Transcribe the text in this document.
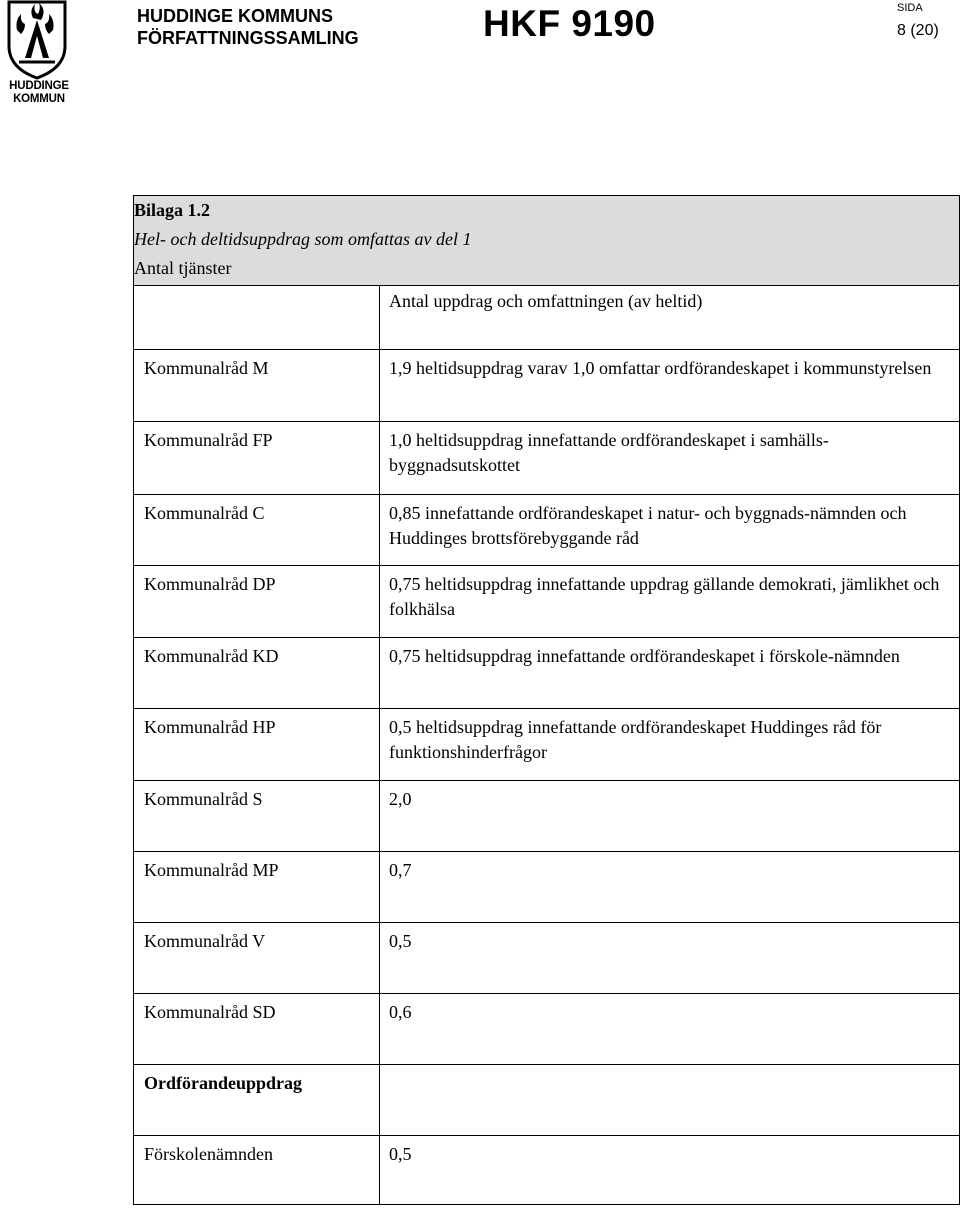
HUDDINGE KOMMUN
HUDDINGE KOMMUNS
FÖRFATTNINGSSAMLING	HKF 9190	SIDA
8 (20)
Bilaga 1.2
Hel- och deltidsuppdrag som omfattas av del 1
Antal tjänster	

	Antal uppdrag och omfattningen (av heltid)
Kommunalråd M	1,9 heltidsuppdrag varav 1,0 omfattar ordförandeskapet i kommunstyrelsen
Kommunalråd FP	1,0 heltidsuppdrag innefattande ordförandeskapet i samhälls-byggnadsutskottet
Kommunalråd C	0,85 innefattande ordförandeskapet i natur- och byggnads-nämnden och Huddinges brottsförebyggande råd
Kommunalråd DP	0,75 heltidsuppdrag innefattande uppdrag gällande demokrati, jämlikhet och folkhälsa
Kommunalråd KD	0,75 heltidsuppdrag innefattande ordförandeskapet i förskole-nämnden
Kommunalråd HP	0,5 heltidsuppdrag innefattande ordförandeskapet Huddinges råd för funktionshinderfrågor
Kommunalråd S	2,0
Kommunalråd MP	0,7
Kommunalråd V	0,5
Kommunalråd SD	0,6
Ordförandeuppdrag	
Förskolenämnden	0,5
